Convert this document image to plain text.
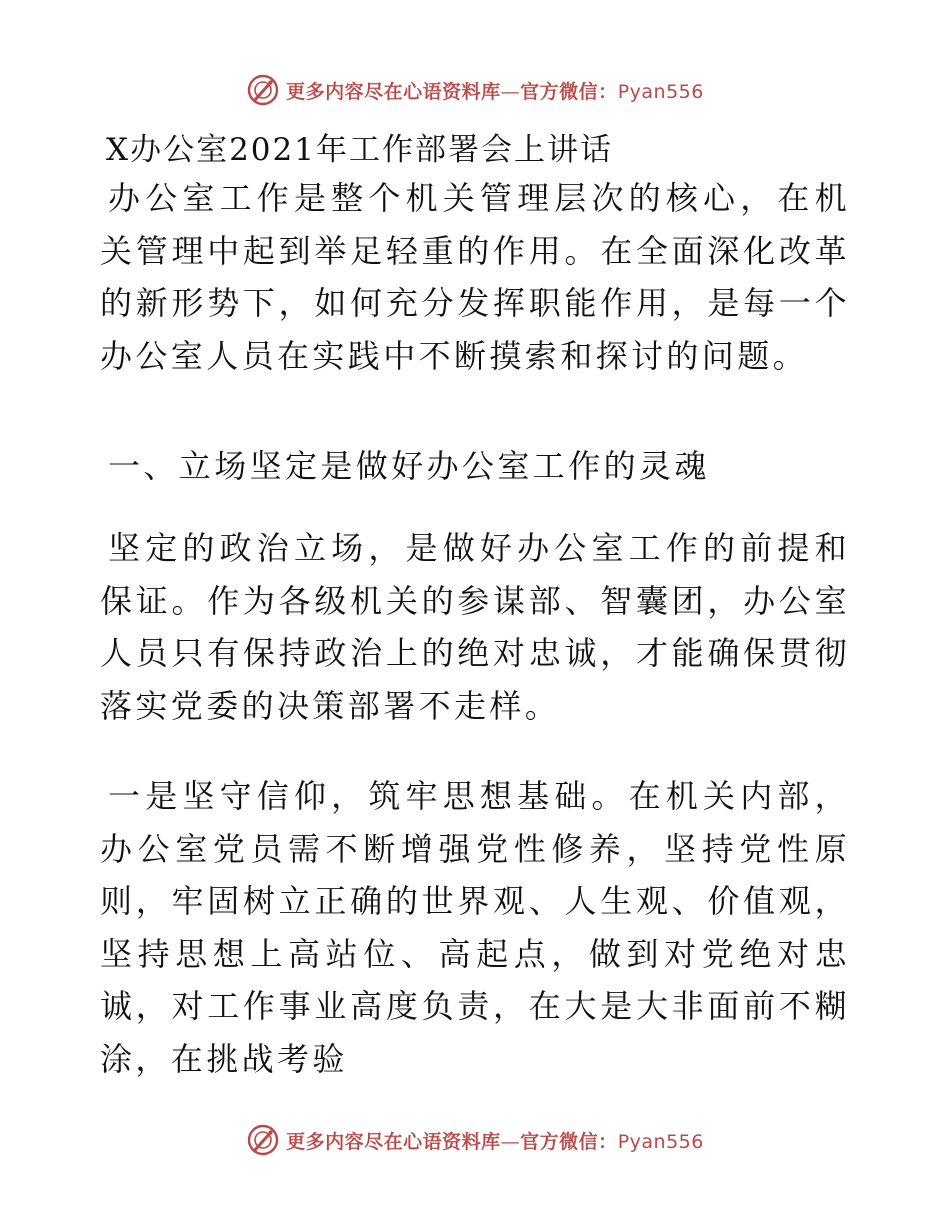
更多内容尽在心语资料库—官方微信：Pyan556
X办公室2021年工作部署会上讲话

办公室工作是整个机关管理层次的核心，在机关管理中起到举足轻重的作用。在全面深化改革的新形势下，如何充分发挥职能作用，是每一个办公室人员在实践中不断摸索和探讨的问题。

一、立场坚定是做好办公室工作的灵魂

坚定的政治立场，是做好办公室工作的前提和保证。作为各级机关的参谋部、智囊团，办公室人员只有保持政治上的绝对忠诚，才能确保贯彻落实党委的决策部署不走样。

一是坚守信仰，筑牢思想基础。在机关内部，办公室党员需不断增强党性修养，坚持党性原则，牢固树立正确的世界观、人生观、价值观，坚持思想上高站位、高起点，做到对党绝对忠诚，对工作事业高度负责，在大是大非面前不糊涂，在挑战考验

更多内容尽在心语资料库—官方微信：Pyan556
